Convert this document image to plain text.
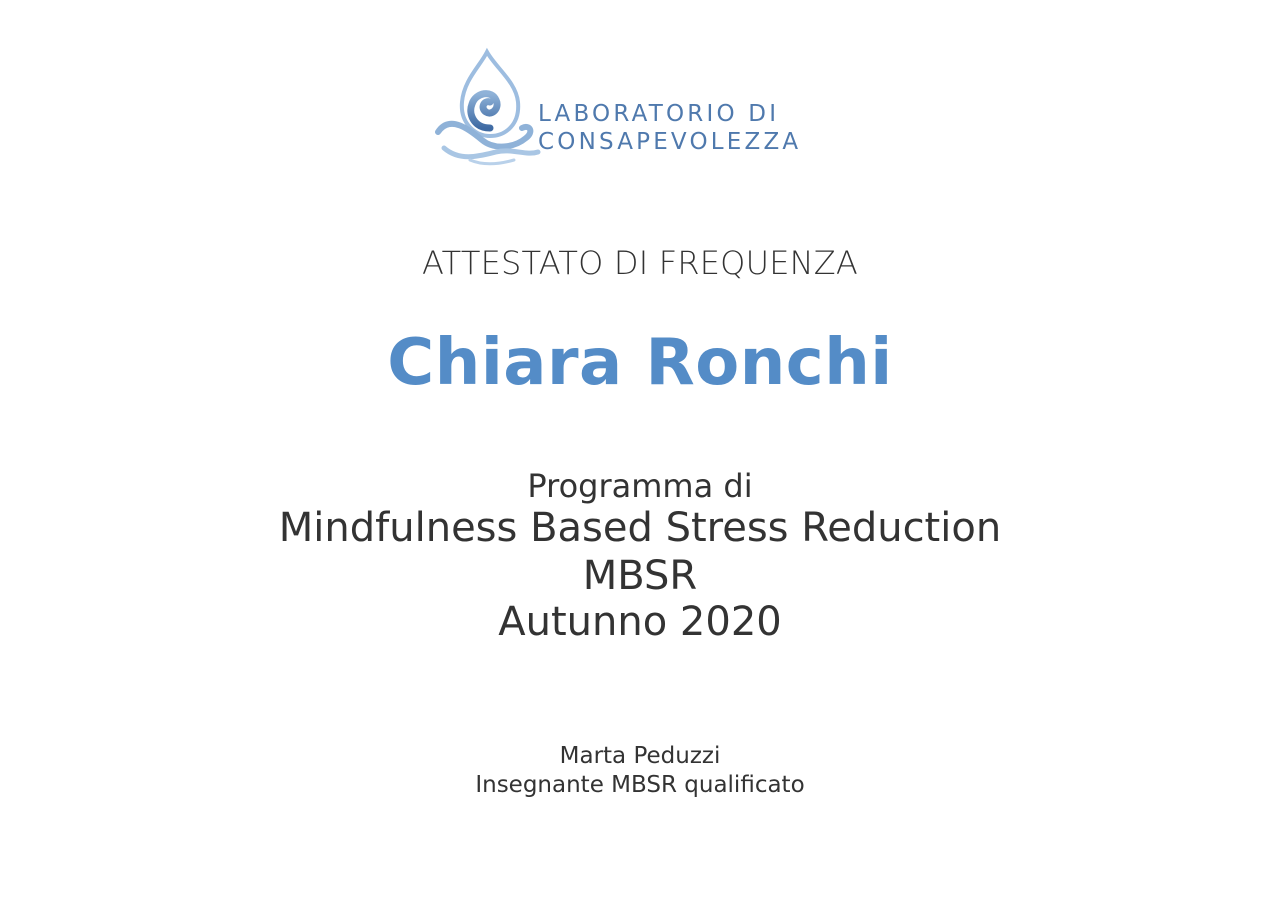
LABORATORIO DI
CONSAPEVOLEZZA
ATTESTATO DI FREQUENZA
Chiara Ronchi
Programma di
Mindfulness Based Stress Reduction
MBSR
Autunno 2020
Marta Peduzzi
Insegnante MBSR qualificato
